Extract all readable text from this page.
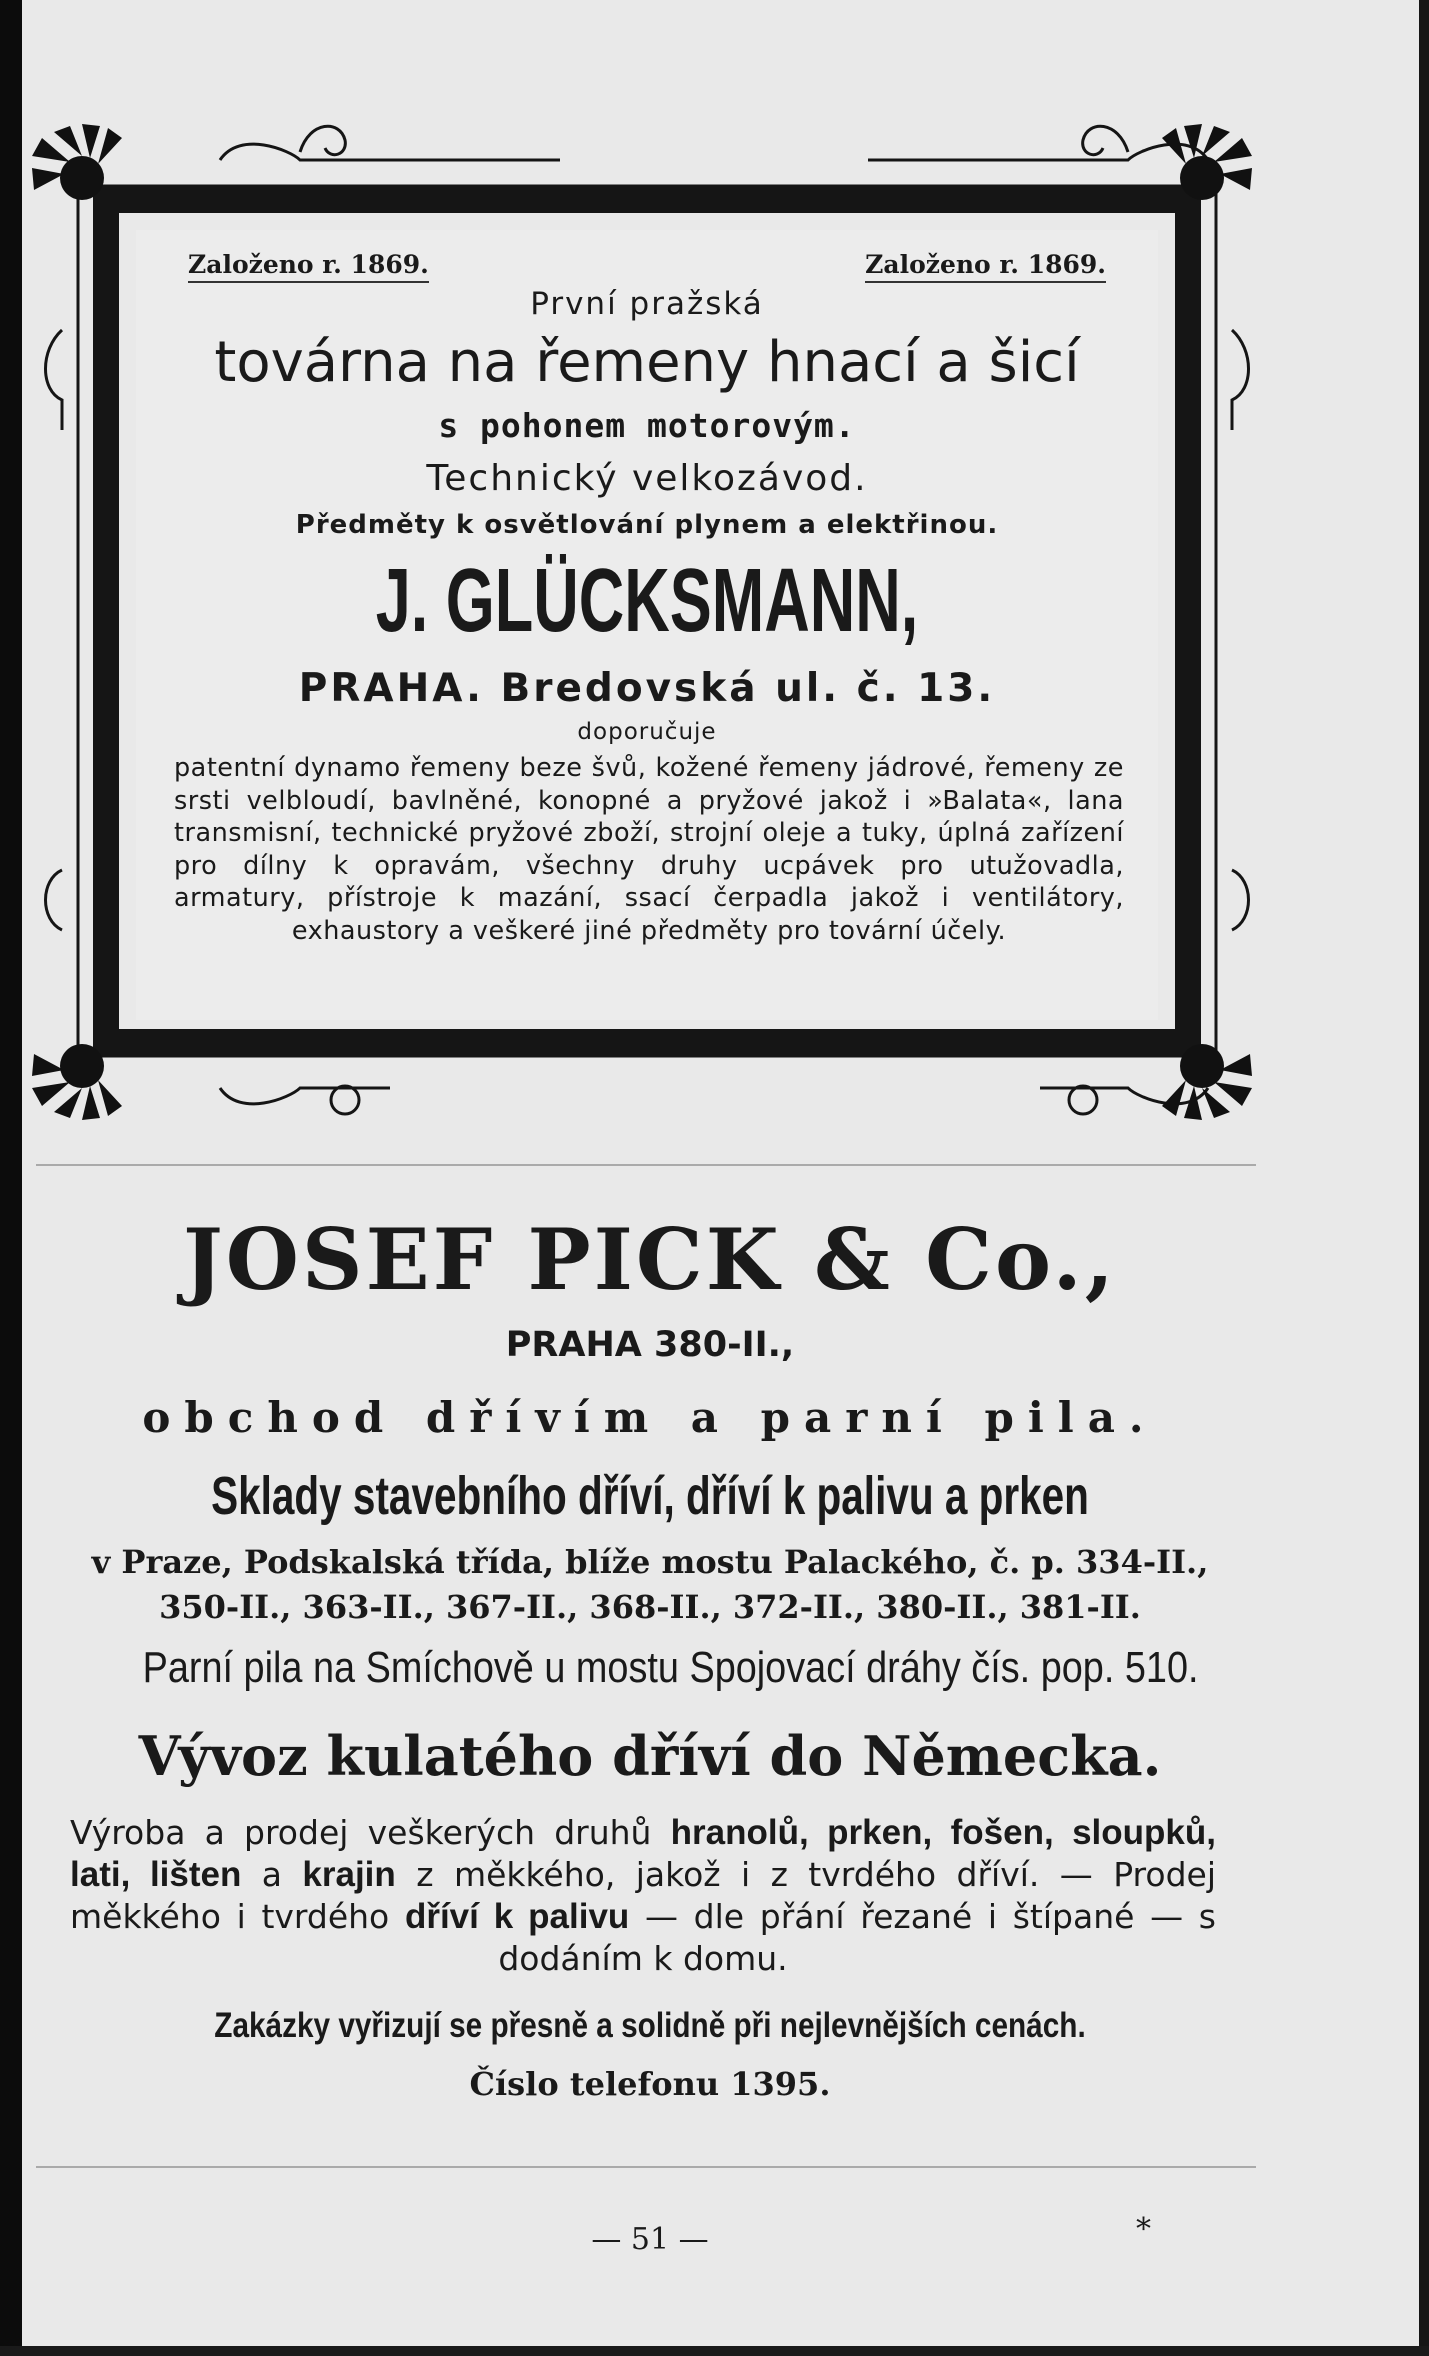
Založeno r. 1869.	Založeno r. 1869.
První pražská
továrna na řemeny hnací a šicí
s pohonem motorovým.
Technický velkozávod.
Předměty k osvětlování plynem a elektřinou.
J. GLÜCKSMANN,
PRAHA. Bredovská ul. č. 13.
doporučuje
patentní dynamo řemeny beze švů, kožené řemeny jádrové, řemeny ze srsti velbloudí, bavlněné, konopné a pryžové jakož i »Balata«, lana transmisní, technické pryžové zboží, strojní oleje a tuky, úplná zařízení pro dílny k opravám, všechny druhy ucpávek pro utužovadla, armatury, přístroje k mazání, ssací čerpadla jakož i ventilátory, exhaustory a veškeré jiné předměty pro tovární účely.
JOSEF PICK & Co.,
PRAHA 380-II.,
obchod dřívím a parní pila.
Sklady stavebního dříví, dříví k palivu a prken
v Praze, Podskalská třída, blíže mostu Palackého, č. p. 334-II.,
350-II., 363-II., 367-II., 368-II., 372-II., 380-II., 381-II.
Parní pila na Smíchově u mostu Spojovací dráhy čís. pop. 510.
Vývoz kulatého dříví do Německa.
Výroba a prodej veškerých druhů hranolů, prken, fošen, sloupků, lati, lišten a krajin z měkkého, jakož i z tvrdého dříví. — Prodej měkkého i tvrdého dříví k palivu — dle přání řezané i štípané — s dodáním k domu.
Zakázky vyřizují se přesně a solidně při nejlevnějších cenách.
Číslo telefonu 1395.
— 51 —	*
